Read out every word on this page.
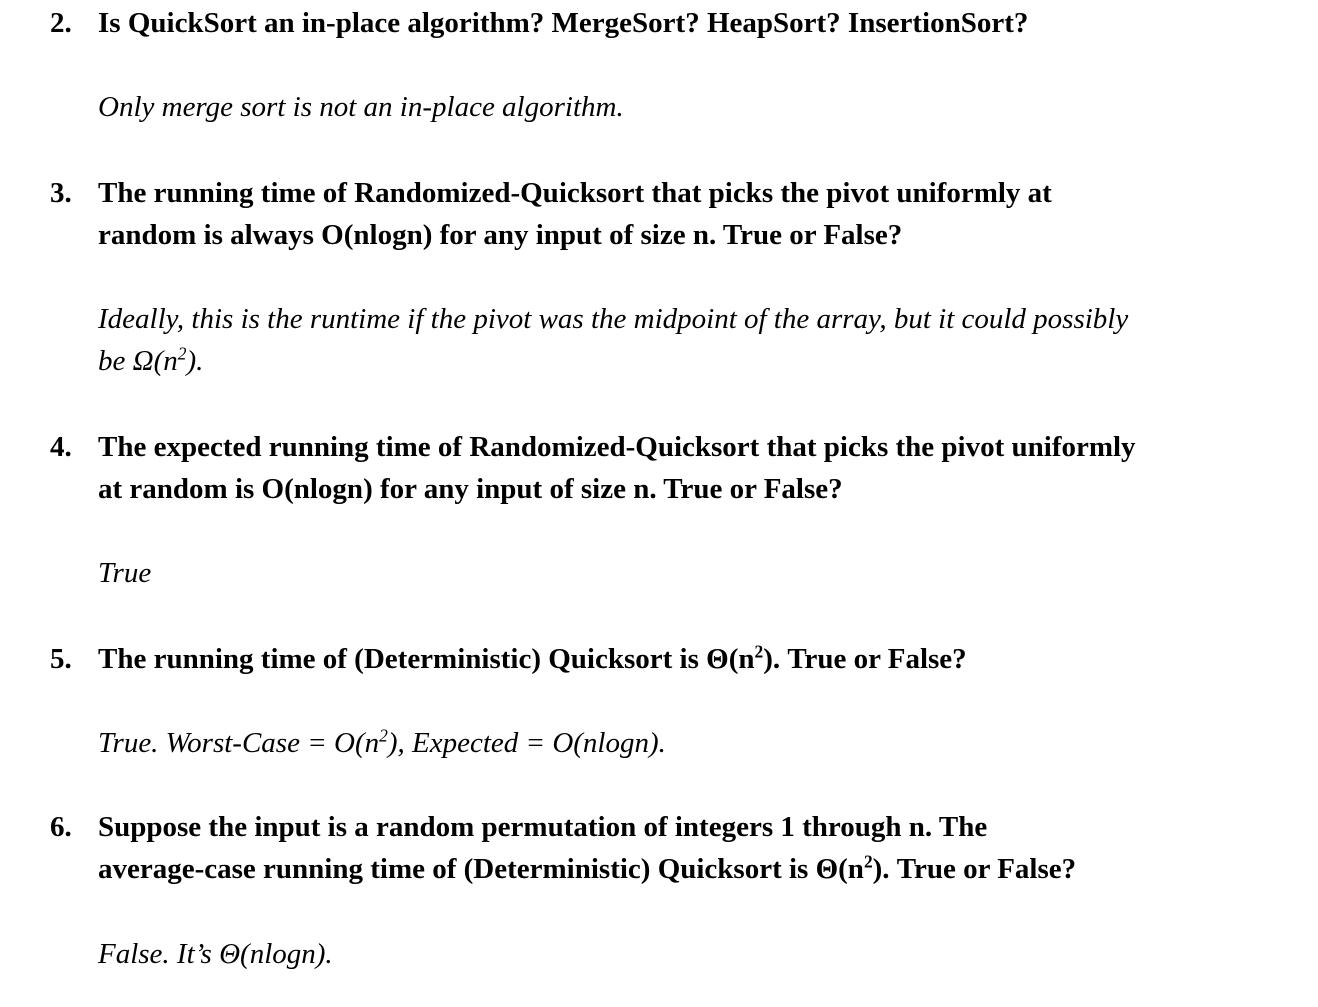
2. Is QuickSort an in-place algorithm? MergeSort? HeapSort? InsertionSort?
Only merge sort is not an in-place algorithm.
3. The running time of Randomized-Quicksort that picks the pivot uniformly at
random is always O(nlogn) for any input of size n. True or False?
Ideally, this is the runtime if the pivot was the midpoint of the array, but it could possibly
be $\Omega(n^2)$.
4. The expected running time of Randomized-Quicksort that picks the pivot uniformly
at random is O(nlogn) for any input of size n. True or False?
True
5. The running time of (Deterministic) Quicksort is $\Theta(n^2)$. True or False?
True. Worst-Case = $O(n^2)$, Expected = O(nlogn).
6. Suppose the input is a random permutation of integers 1 through n. The
average-case running time of (Deterministic) Quicksort is $\Theta(n^2)$. True or False?
False. It’s Θ(nlogn).
